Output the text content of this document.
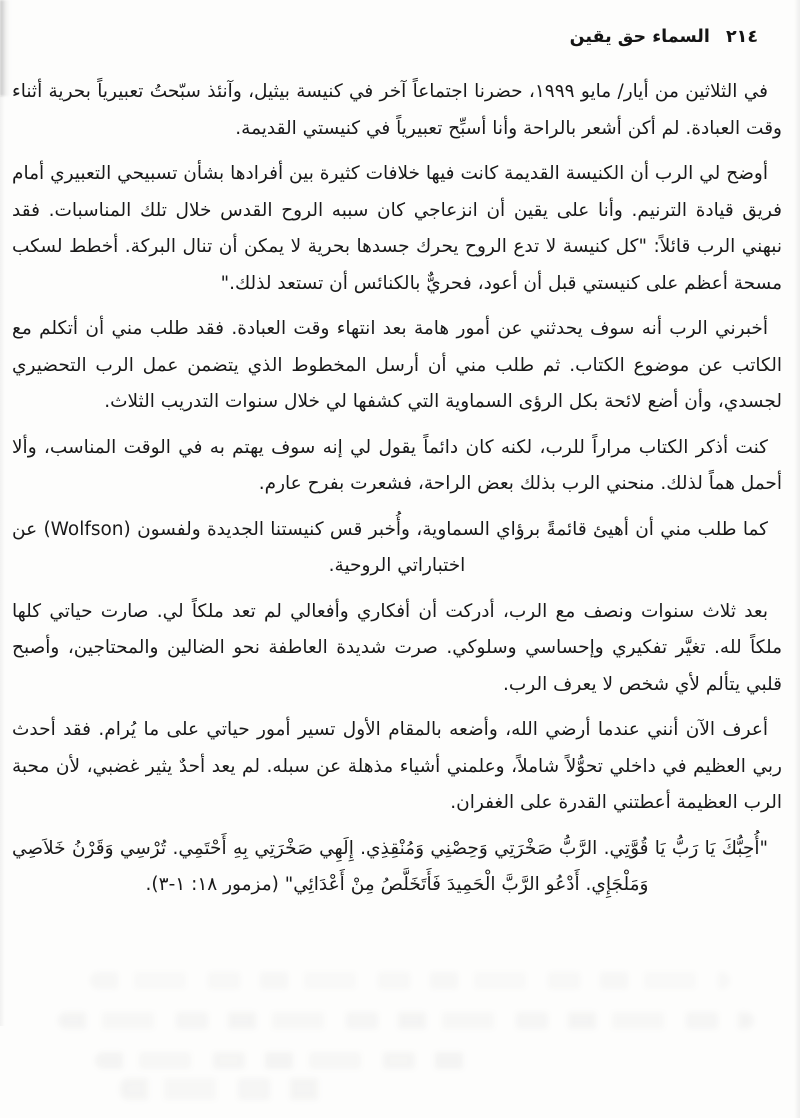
٢١٤ السماء حق يقين

في الثلاثين من أيار/ مايو ١٩٩٩، حضرنا اجتماعاً آخر في كنيسة بيثيل، وآنئذ سبّحتُ تعبيرياً بحرية أثناء وقت العبادة. لم أكن أشعر بالراحة وأنا أسبِّح تعبيرياً في كنيستي القديمة.

أوضح لي الرب أن الكنيسة القديمة كانت فيها خلافات كثيرة بين أفرادها بشأن تسبيحي التعبيري أمام فريق قيادة الترنيم. وأنا على يقين أن انزعاجي كان سببه الروح القدس خلال تلك المناسبات. فقد نبهني الرب قائلاً: "كل كنيسة لا تدع الروح يحرك جسدها بحرية لا يمكن أن تنال البركة. أخطط لسكب مسحة أعظم على كنيستي قبل أن أعود، فحريٌّ بالكنائس أن تستعد لذلك."

أخبرني الرب أنه سوف يحدثني عن أمور هامة بعد انتهاء وقت العبادة. فقد طلب مني أن أتكلم مع الكاتب عن موضوع الكتاب. ثم طلب مني أن أرسل المخطوط الذي يتضمن عمل الرب التحضيري لجسدي، وأن أضع لائحة بكل الرؤى السماوية التي كشفها لي خلال سنوات التدريب الثلاث.

كنت أذكر الكتاب مراراً للرب، لكنه كان دائماً يقول لي إنه سوف يهتم به في الوقت المناسب، وألا أحمل هماً لذلك. منحني الرب بذلك بعض الراحة، فشعرت بفرح عارم.

كما طلب مني أن أهيئ قائمةً برؤاي السماوية، وأُخبر قس كنيستنا الجديدة ولفسون (Wolfson) عن اختباراتي الروحية.

بعد ثلاث سنوات ونصف مع الرب، أدركت أن أفكاري وأفعالي لم تعد ملكاً لي. صارت حياتي كلها ملكاً لله. تغيَّر تفكيري وإحساسي وسلوكي. صرت شديدة العاطفة نحو الضالين والمحتاجين، وأصبح قلبي يتألم لأي شخص لا يعرف الرب.

أعرف الآن أنني عندما أرضي الله، وأضعه بالمقام الأول تسير أمور حياتي على ما يُرام. فقد أحدث ربي العظيم في داخلي تحوُّلاً شاملاً، وعلمني أشياء مذهلة عن سبله. لم يعد أحدٌ يثير غضبي، لأن محبة الرب العظيمة أعطتني القدرة على الغفران.

"أُحِبُّكَ يَا رَبُّ يَا قُوَّتِي. الرَّبُّ صَخْرَتِي وَحِصْنِي وَمُنْقِذِي. إِلَهِي صَخْرَتِي بِهِ أَحْتَمِي. تُرْسِي وَقَرْنُ خَلاَصِي وَمَلْجَإِي. أَدْعُو الرَّبَّ الْحَمِيدَ فَأَتَخَلَّصُ مِنْ أَعْدَائِي" (مزمور ١٨: ١-٣).
